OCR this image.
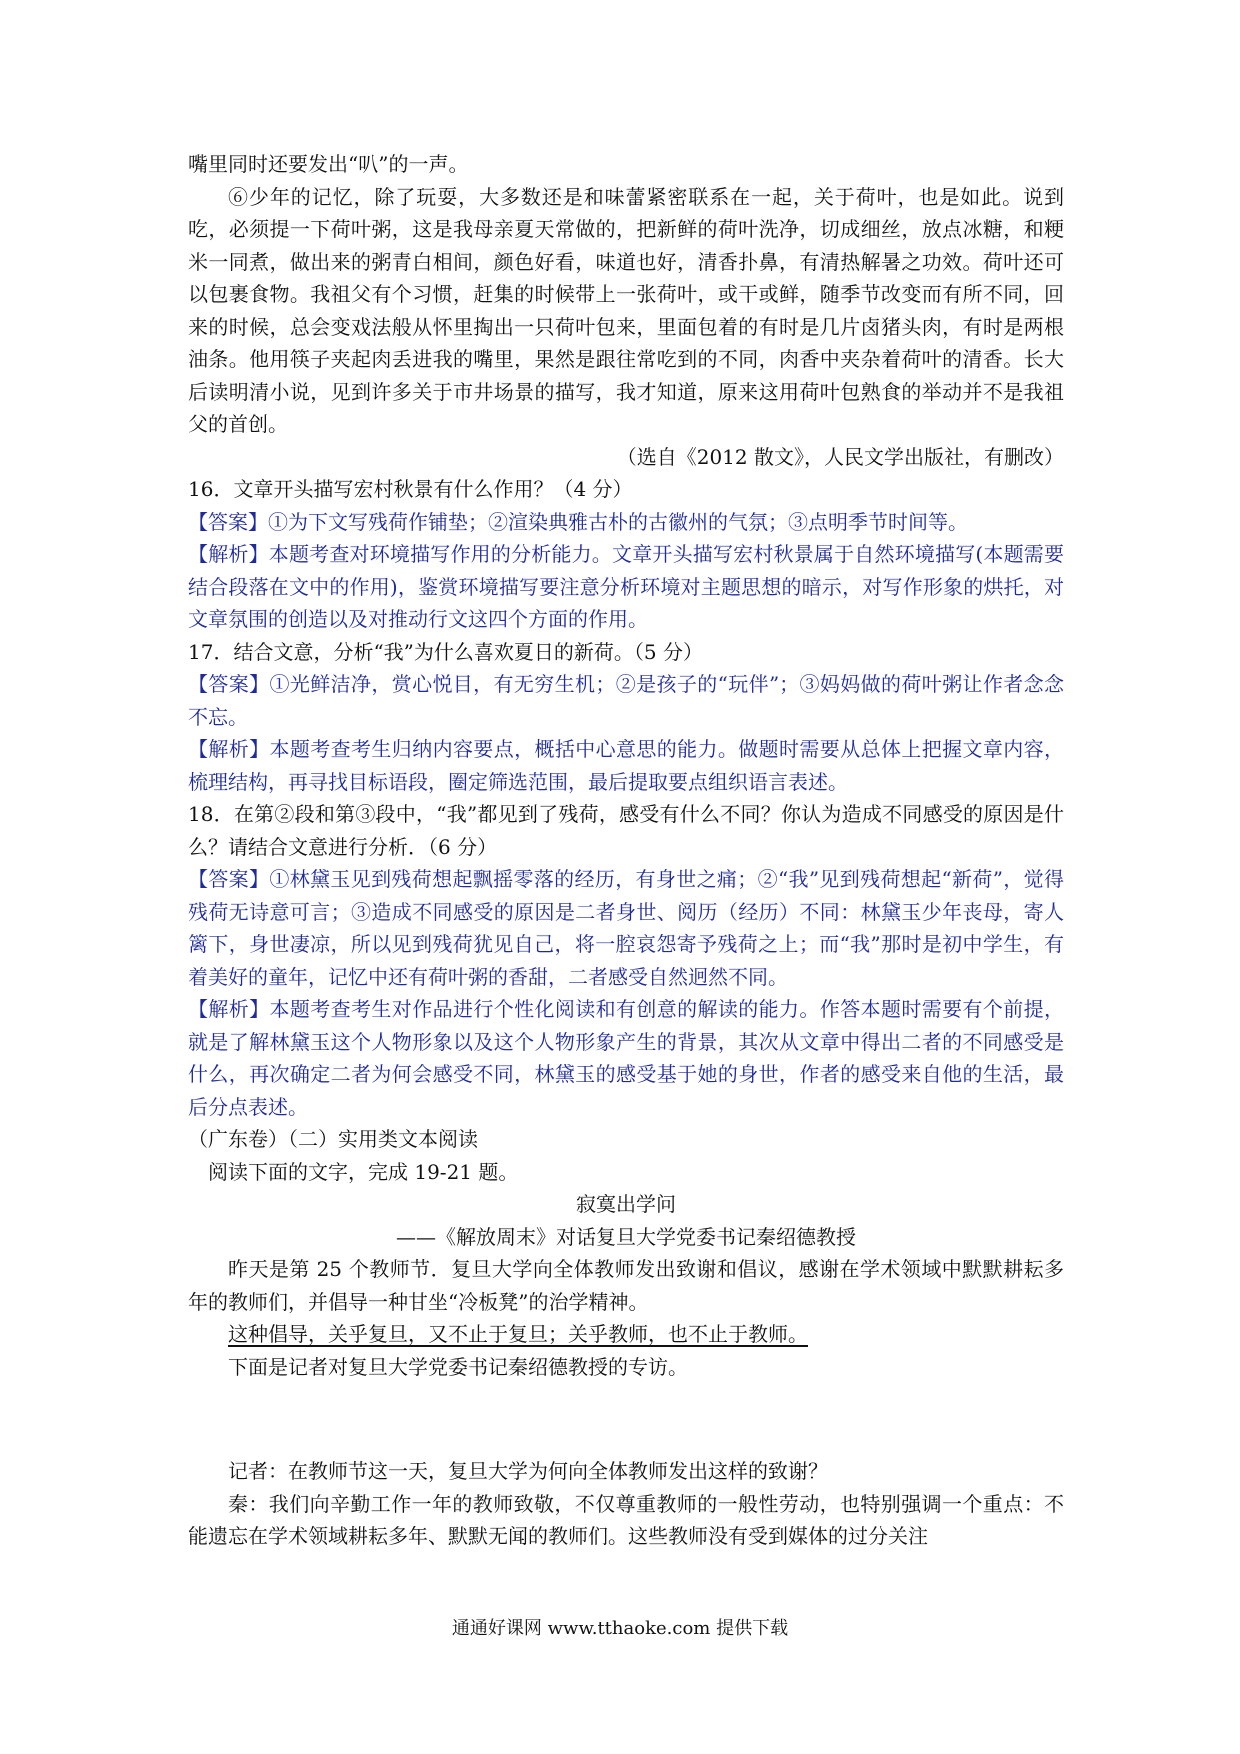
嘴里同时还要发出“叭”的一声。

⑥少年的记忆，除了玩耍，大多数还是和味蕾紧密联系在一起，关于荷叶，也是如此。说到吃，必须提一下荷叶粥，这是我母亲夏天常做的，把新鲜的荷叶洗净，切成细丝，放点冰糖，和粳米一同煮，做出来的粥青白相间，颜色好看，味道也好，清香扑鼻，有清热解暑之功效。荷叶还可以包裹食物。我祖父有个习惯，赶集的时候带上一张荷叶，或干或鲜，随季节改变而有所不同，回来的时候，总会变戏法般从怀里掏出一只荷叶包来，里面包着的有时是几片卤猪头肉，有时是两根油条。他用筷子夹起肉丢进我的嘴里，果然是跟往常吃到的不同，肉香中夹杂着荷叶的清香。长大后读明清小说，见到许多关于市井场景的描写，我才知道，原来这用荷叶包熟食的举动并不是我祖父的首创。

（选自《2012 散文》，人民文学出版社，有删改）

16．文章开头描写宏村秋景有什么作用？（4 分）

【答案】①为下文写残荷作铺垫；②渲染典雅古朴的古徽州的气氛；③点明季节时间等。

【解析】本题考查对环境描写作用的分析能力。文章开头描写宏村秋景属于自然环境描写(本题需要结合段落在文中的作用)，鉴赏环境描写要注意分析环境对主题思想的暗示，对写作形象的烘托，对文章氛围的创造以及对推动行文这四个方面的作用。

17．结合文意，分析“我”为什么喜欢夏日的新荷。（5 分）

【答案】①光鲜洁净，赏心悦目，有无穷生机；②是孩子的“玩伴”；③妈妈做的荷叶粥让作者念念不忘。

【解析】本题考查考生归纳内容要点，概括中心意思的能力。做题时需要从总体上把握文章内容，梳理结构，再寻找目标语段，圈定筛选范围，最后提取要点组织语言表述。

18．在第②段和第③段中，“我”都见到了残荷，感受有什么不同？你认为造成不同感受的原因是什么？请结合文意进行分析．（6 分）

【答案】①林黛玉见到残荷想起飘摇零落的经历，有身世之痛；②“我”见到残荷想起“新荷”，觉得残荷无诗意可言；③造成不同感受的原因是二者身世、阅历（经历）不同：林黛玉少年丧母，寄人篱下，身世凄凉，所以见到残荷犹见自己，将一腔哀怨寄予残荷之上；而“我”那时是初中学生，有着美好的童年，记忆中还有荷叶粥的香甜，二者感受自然迥然不同。

【解析】本题考查考生对作品进行个性化阅读和有创意的解读的能力。作答本题时需要有个前提，就是了解林黛玉这个人物形象以及这个人物形象产生的背景，其次从文章中得出二者的不同感受是什么，再次确定二者为何会感受不同，林黛玉的感受基于她的身世，作者的感受来自他的生活，最后分点表述。

（广东卷）（二）实用类文本阅读

阅读下面的文字，完成 19-21 题。

寂寞出学问

——《解放周末》对话复旦大学党委书记秦绍德教授

昨天是第 25 个教师节．复旦大学向全体教师发出致谢和倡议，感谢在学术领域中默默耕耘多年的教师们，并倡导一种甘坐“冷板凳”的治学精神。

这种倡导，关乎复旦，又不止于复旦；关乎教师，也不止于教师。

下面是记者对复旦大学党委书记秦绍德教授的专访。

记者：在教师节这一天，复旦大学为何向全体教师发出这样的致谢？

秦：我们向辛勤工作一年的教师致敬，不仅尊重教师的一般性劳动，也特别强调一个重点：不能遗忘在学术领域耕耘多年、默默无闻的教师们。这些教师没有受到媒体的过分关注

通通好课网 www.tthaoke.com 提供下载
